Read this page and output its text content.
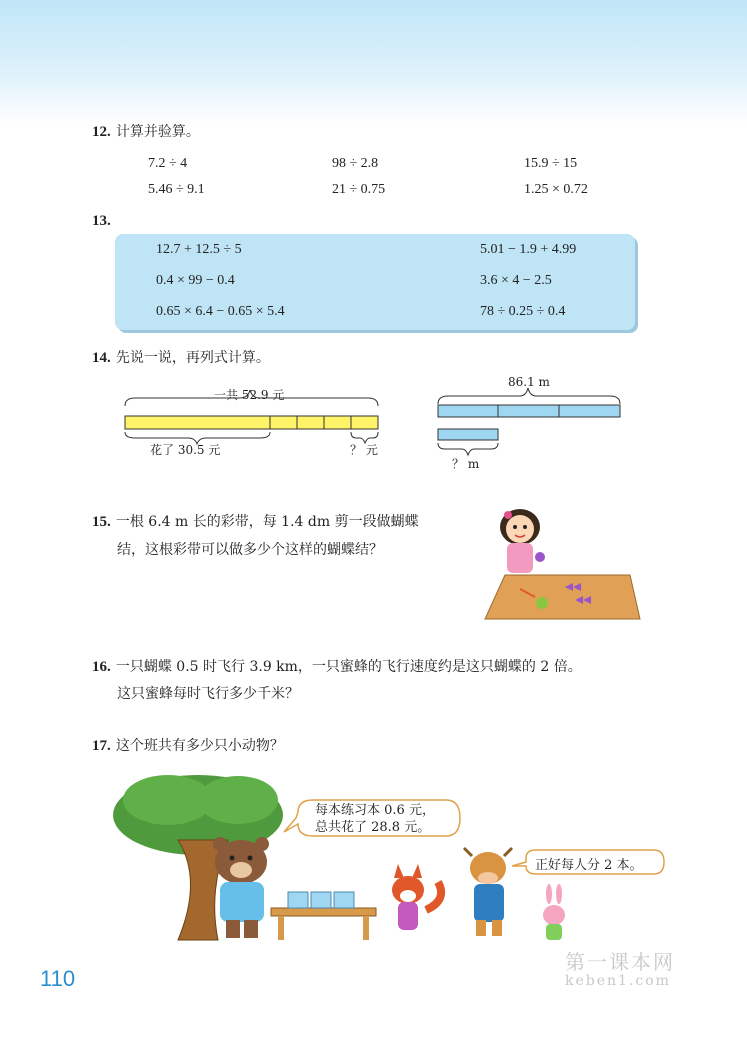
12. 计算并验算。
7.2 ÷ 4	98 ÷ 2.8	15.9 ÷ 15
5.46 ÷ 9.1	21 ÷ 0.75	1.25 × 0.72
13.
12.7 + 12.5 ÷ 5	5.01 − 1.9 + 4.99
0.4 × 99 − 0.4	3.6 × 4 − 2.5
0.65 × 6.4 − 0.65 × 5.4	78 ÷ 0.25 ÷ 0.4
14. 先说一说，再列式计算。
一共 52.9 元
花了 30.5 元	？ 元
86.1 m
？ m
15. 一根 6.4 m 长的彩带，每 1.4 dm 剪一段做蝴蝶
结，这根彩带可以做多少个这样的蝴蝶结？
16. 一只蝴蝶 0.5 时飞行 3.9 km，一只蜜蜂的飞行速度约是这只蝴蝶的 2 倍。
这只蜜蜂每时飞行多少千米？
17. 这个班共有多少只小动物？
每本练习本 0.6 元，
总共花了 28.8 元。
正好每人分 2 本。
110
第一课本网
keben1.com
